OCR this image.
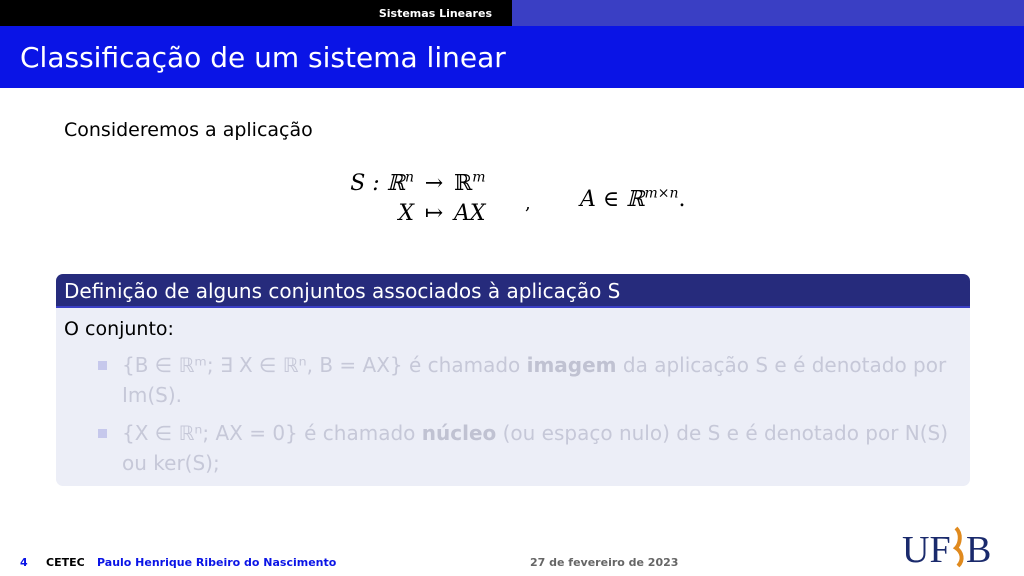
Sistemas Lineares
Classificação de um sistema linear
Consideremos a aplicação
S : ℝ$^n$ → ℝ$^m$
X ↦ AX	, A ∈ ℝ$^{m\times n}$.
Definição de alguns conjuntos associados à aplicação S
O conjunto:
{B ∈ ℝᵐ; ∃ X ∈ ℝⁿ, B = AX} é chamado imagem da aplicação S e é denotado por Im(S).
{X ∈ ℝⁿ; AX = 0} é chamado núcleo (ou espaço nulo) de S e é denotado por N(S) ou ker(S);
4 CETEC Paulo Henrique Ribeiro do Nascimento	27 de fevereiro de 2023	UF B
